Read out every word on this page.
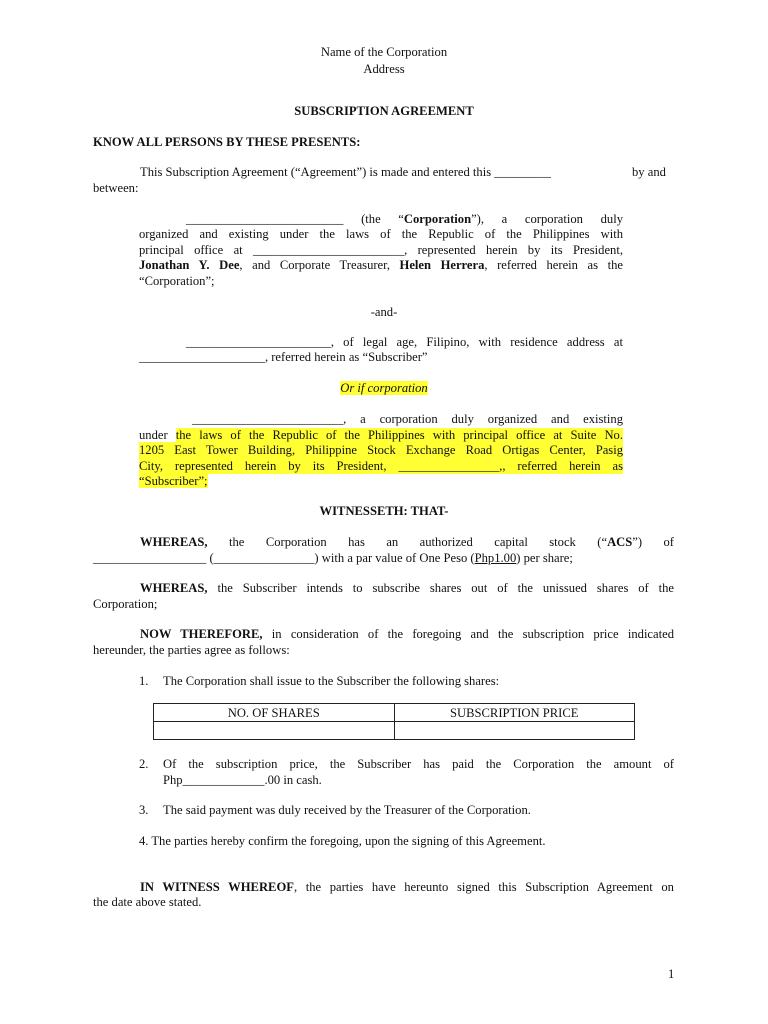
Name of the Corporation
Address
SUBSCRIPTION AGREEMENT
KNOW ALL PERSONS BY THESE PRESENTS:
This Subscription Agreement (“Agreement”) is made and entered this _________	by and
between:
_________________________ (the “Corporation”), a corporation duly
organized and existing under the laws of the Republic of the Philippines with
principal office at ________________________, represented herein by its President,
Jonathan Y. Dee, and Corporate Treasurer, Helen Herrera, referred herein as the
“Corporation”;
-and-
_______________________, of legal age, Filipino, with residence address at
____________________, referred herein as “Subscriber”
Or if corporation
________________________, a corporation duly organized and existing
under the laws of the Republic of the Philippines with principal office at Suite No.
1205 East Tower Building, Philippine Stock Exchange Road Ortigas Center, Pasig
City, represented herein by its President, ________________,, referred herein as
“Subscriber”;
WITNESSETH: THAT-
WHEREAS, the Corporation has an authorized capital stock (“ACS”) of
__________________ (________________) with a par value of One Peso (Php1.00) per share;
WHEREAS, the Subscriber intends to subscribe shares out of the unissued shares of the
Corporation;
NOW THEREFORE, in consideration of the foregoing and the subscription price indicated
hereunder, the parties agree as follows:
1. The Corporation shall issue to the Subscriber the following shares:
NO. OF SHARES	SUBSCRIPTION PRICE

2. Of the subscription price, the Subscriber has paid the Corporation the amount of
Php_____________.00 in cash.
3. The said payment was duly received by the Treasurer of the Corporation.
4. The parties hereby confirm the foregoing, upon the signing of this Agreement.
IN WITNESS WHEREOF, the parties have hereunto signed this Subscription Agreement on
the date above stated.
1
